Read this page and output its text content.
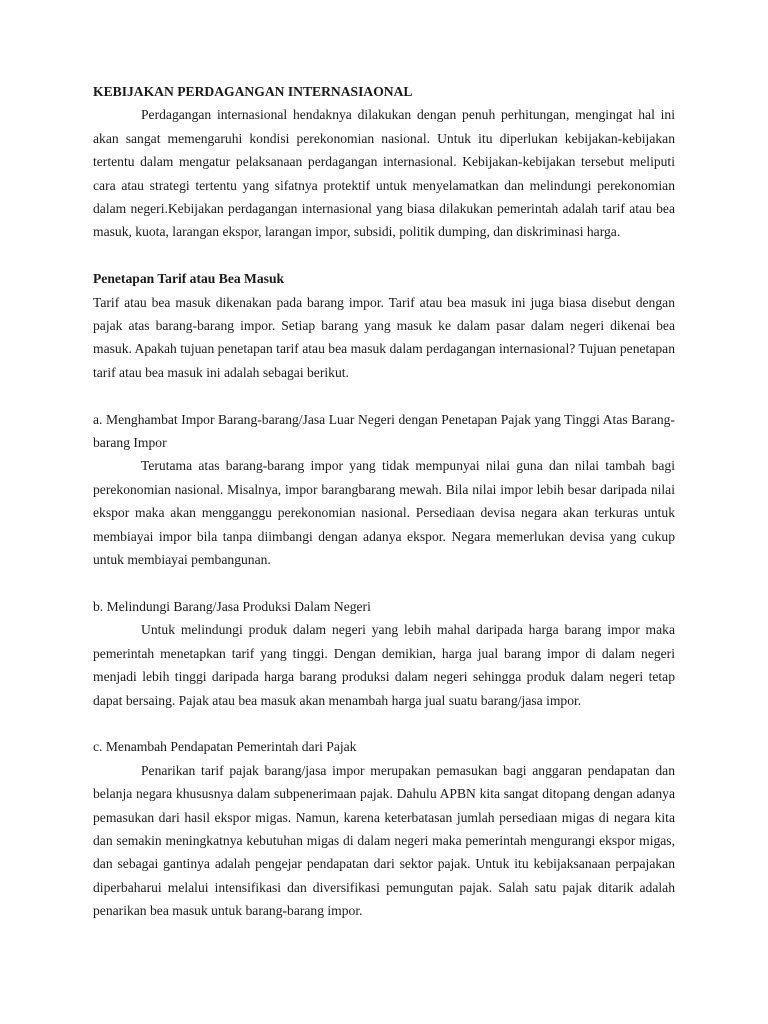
KEBIJAKAN PERDAGANGAN INTERNASIAONAL

Perdagangan internasional hendaknya dilakukan dengan penuh perhitungan, mengingat hal ini akan sangat memengaruhi kondisi perekonomian nasional. Untuk itu diperlukan kebijakan-kebijakan tertentu dalam mengatur pelaksanaan perdagangan internasional. Kebijakan-kebijakan tersebut meliputi cara atau strategi tertentu yang sifatnya protektif untuk menyelamatkan dan melindungi perekonomian dalam negeri.Kebijakan perdagangan internasional yang biasa dilakukan pemerintah adalah tarif atau bea masuk, kuota, larangan ekspor, larangan impor, subsidi, politik dumping, dan diskriminasi harga.

Penetapan Tarif atau Bea Masuk

Tarif atau bea masuk dikenakan pada barang impor. Tarif atau bea masuk ini juga biasa disebut dengan pajak atas barang-barang impor. Setiap barang yang masuk ke dalam pasar dalam negeri dikenai bea masuk. Apakah tujuan penetapan tarif atau bea masuk dalam perdagangan internasional? Tujuan penetapan tarif atau bea masuk ini adalah sebagai berikut.

a. Menghambat Impor Barang-barang/Jasa Luar Negeri dengan Penetapan Pajak yang Tinggi Atas Barang-barang Impor

Terutama atas barang-barang impor yang tidak mempunyai nilai guna dan nilai tambah bagi perekonomian nasional. Misalnya, impor barangbarang mewah. Bila nilai impor lebih besar daripada nilai ekspor maka akan mengganggu perekonomian nasional. Persediaan devisa negara akan terkuras untuk membiayai impor bila tanpa diimbangi dengan adanya ekspor. Negara memerlukan devisa yang cukup untuk membiayai pembangunan.

b. Melindungi Barang/Jasa Produksi Dalam Negeri

Untuk melindungi produk dalam negeri yang lebih mahal daripada harga barang impor maka pemerintah menetapkan tarif yang tinggi. Dengan demikian, harga jual barang impor di dalam negeri menjadi lebih tinggi daripada harga barang produksi dalam negeri sehingga produk dalam negeri tetap dapat bersaing. Pajak atau bea masuk akan menambah harga jual suatu barang/jasa impor.

c. Menambah Pendapatan Pemerintah dari Pajak

Penarikan tarif pajak barang/jasa impor merupakan pemasukan bagi anggaran pendapatan dan belanja negara khususnya dalam subpenerimaan pajak. Dahulu APBN kita sangat ditopang dengan adanya pemasukan dari hasil ekspor migas. Namun, karena keterbatasan jumlah persediaan migas di negara kita dan semakin meningkatnya kebutuhan migas di dalam negeri maka pemerintah mengurangi ekspor migas, dan sebagai gantinya adalah pengejar pendapatan dari sektor pajak. Untuk itu kebijaksanaan perpajakan diperbaharui melalui intensifikasi dan diversifikasi pemungutan pajak. Salah satu pajak ditarik adalah penarikan bea masuk untuk barang-barang impor.
